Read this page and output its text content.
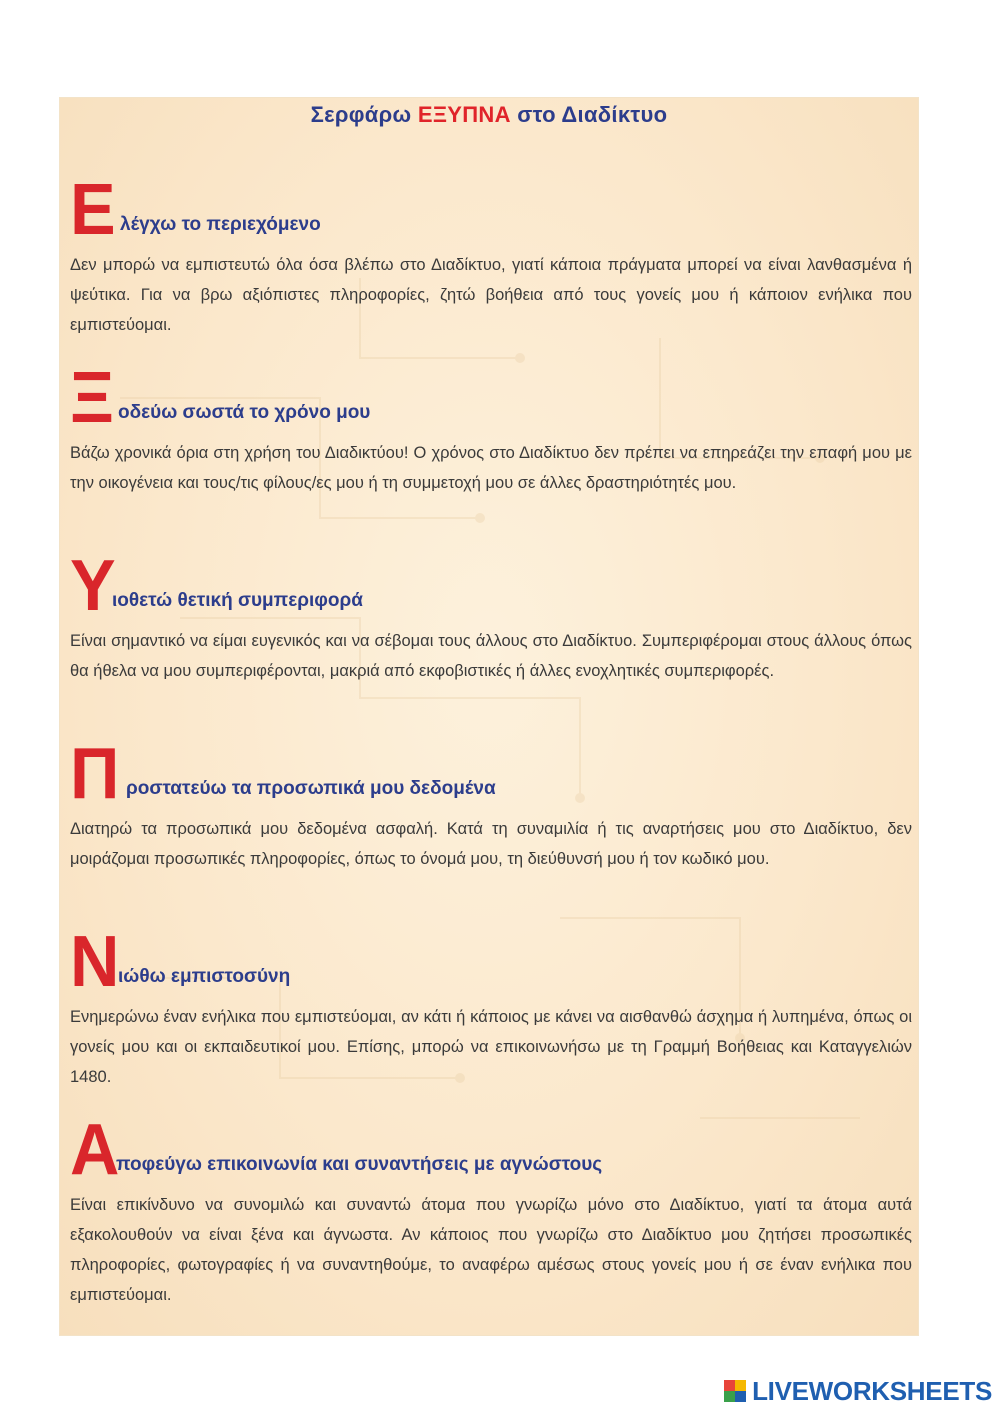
Σερφάρω ΕΞΥΠΝΑ στο Διαδίκτυο
Ε λέγχω το περιεχόμενο
Δεν μπορώ να εμπιστευτώ όλα όσα βλέπω στο Διαδίκτυο, γιατί κάποια πράγματα μπορεί να είναι λανθασμένα ή ψεύτικα. Για να βρω αξιόπιστες πληροφορίες, ζητώ βοήθεια από τους γονείς μου ή κάποιον ενήλικα που εμπιστεύομαι.
Ξ οδεύω σωστά το χρόνο μου
Βάζω χρονικά όρια στη χρήση του Διαδικτύου! Ο χρόνος στο Διαδίκτυο δεν πρέπει να επηρεάζει την επαφή μου με την οικογένεια και τους/τις φίλους/ες μου ή τη συμμετοχή μου σε άλλες δραστηριότητές μου.
Υ
ιοθετώ θετική συμπεριφορά
Είναι σημαντικό να είμαι ευγενικός και να σέβομαι τους άλλους στο Διαδίκτυο. Συμπεριφέρομαι στους άλλους όπως θα ήθελα να μου συμπεριφέρονται, μακριά από εκφοβιστικές ή άλλες ενοχλητικές συμπεριφορές.
Π ροστατεύω τα προσωπικά μου δεδομένα
Διατηρώ τα προσωπικά μου δεδομένα ασφαλή. Κατά τη συναμιλία ή τις αναρτήσεις μου στο Διαδίκτυο, δεν μοιράζομαι προσωπικές πληροφορίες, όπως το όνομά μου, τη διεύθυνσή μου ή τον κωδικό μου.
Ν
ιώθω εμπιστοσύνη
Ενημερώνω έναν ενήλικα που εμπιστεύομαι, αν κάτι ή κάποιος με κάνει να αισθανθώ άσχημα ή λυπημένα, όπως οι γονείς μου και οι εκπαιδευτικοί μου. Επίσης, μπορώ να επικοινωνήσω με τη Γραμμή Βοήθειας και Καταγγελιών 1480.
Α
ποφεύγω επικοινωνία και συναντήσεις με αγνώστους
Είναι επικίνδυνο να συνομιλώ και συναντώ άτομα που γνωρίζω μόνο στο Διαδίκτυο, γιατί τα άτομα αυτά εξακολουθούν να είναι ξένα και άγνωστα. Αν κάποιος που γνωρίζω στο Διαδίκτυο μου ζητήσει προσωπικές πληροφορίες, φωτογραφίες ή να συναντηθούμε, το αναφέρω αμέσως στους γονείς μου ή σε έναν ενήλικα που εμπιστεύομαι.
LIVEWORKSHEETS
